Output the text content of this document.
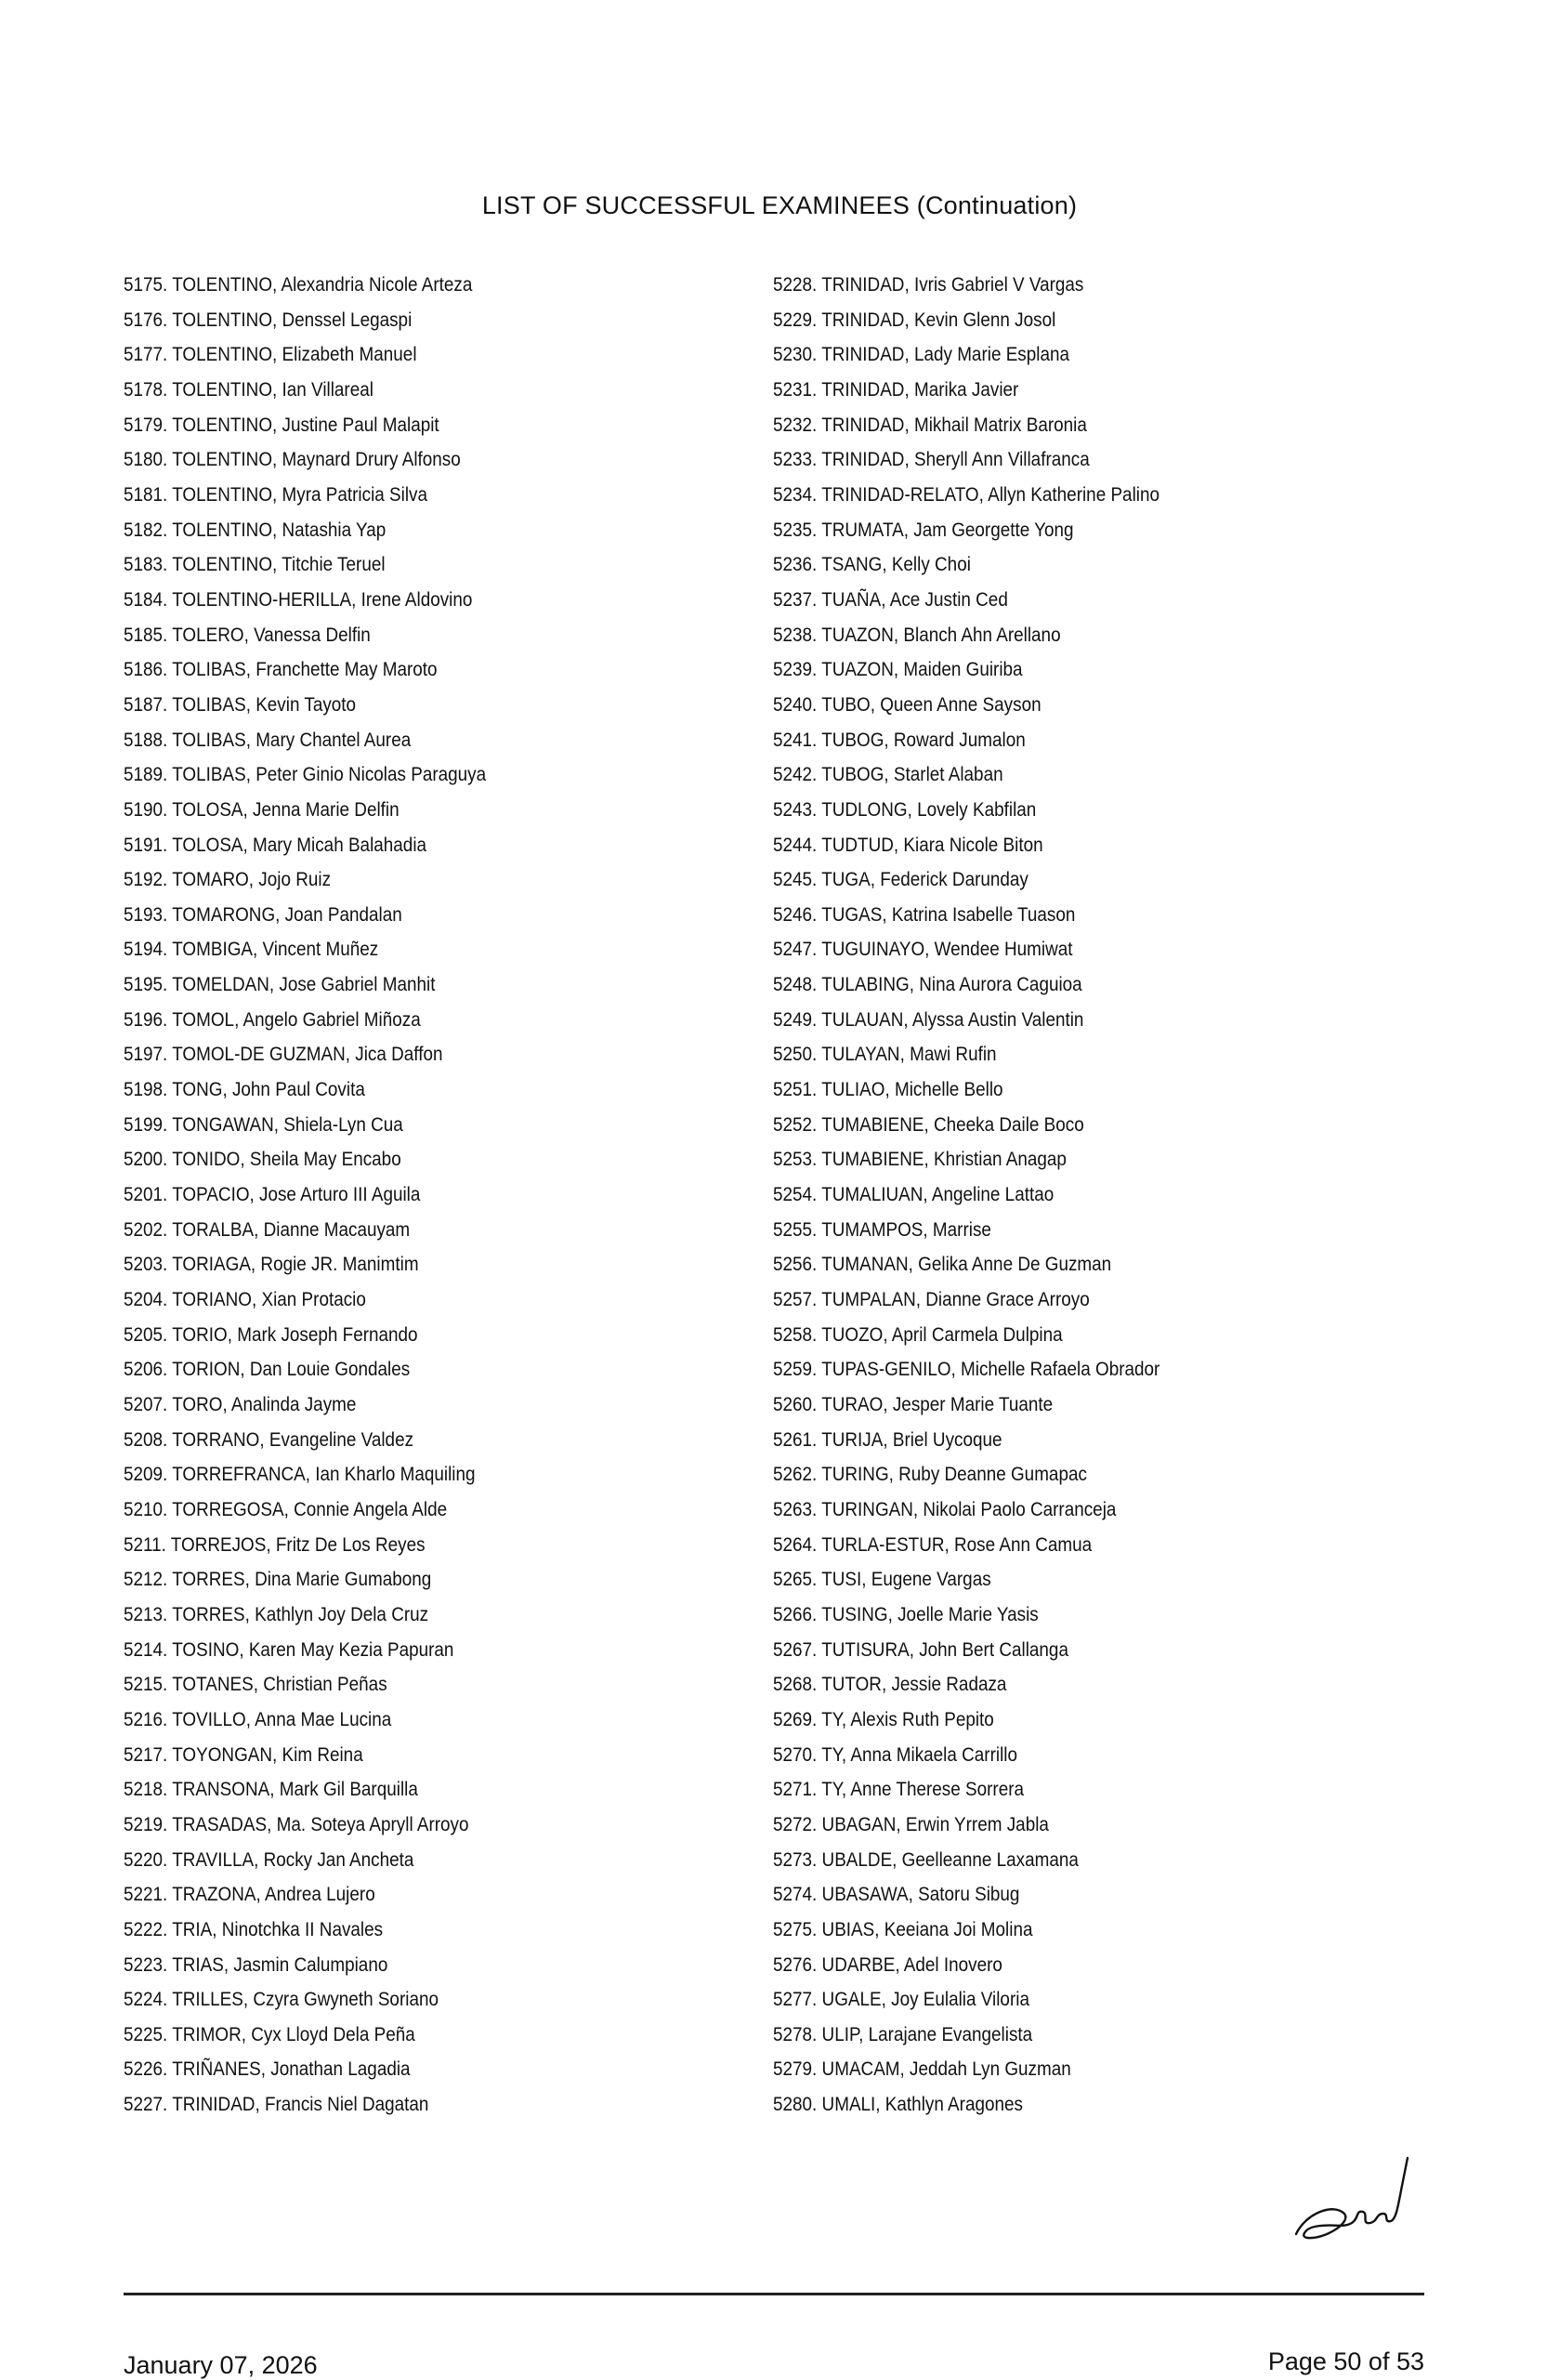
LIST OF SUCCESSFUL EXAMINEES (Continuation)
5175. TOLENTINO, Alexandria Nicole Arteza
5176. TOLENTINO, Denssel Legaspi
5177. TOLENTINO, Elizabeth Manuel
5178. TOLENTINO, Ian Villareal
5179. TOLENTINO, Justine Paul Malapit
5180. TOLENTINO, Maynard Drury Alfonso
5181. TOLENTINO, Myra Patricia Silva
5182. TOLENTINO, Natashia Yap
5183. TOLENTINO, Titchie Teruel
5184. TOLENTINO-HERILLA, Irene Aldovino
5185. TOLERO, Vanessa Delfin
5186. TOLIBAS, Franchette May Maroto
5187. TOLIBAS, Kevin Tayoto
5188. TOLIBAS, Mary Chantel Aurea
5189. TOLIBAS, Peter Ginio Nicolas Paraguya
5190. TOLOSA, Jenna Marie Delfin
5191. TOLOSA, Mary Micah Balahadia
5192. TOMARO, Jojo Ruiz
5193. TOMARONG, Joan Pandalan
5194. TOMBIGA, Vincent Muñez
5195. TOMELDAN, Jose Gabriel Manhit
5196. TOMOL, Angelo Gabriel Miñoza
5197. TOMOL-DE GUZMAN, Jica Daffon
5198. TONG, John Paul Covita
5199. TONGAWAN, Shiela-Lyn Cua
5200. TONIDO, Sheila May Encabo
5201. TOPACIO, Jose Arturo III Aguila
5202. TORALBA, Dianne Macauyam
5203. TORIAGA, Rogie JR. Manimtim
5204. TORIANO, Xian Protacio
5205. TORIO, Mark Joseph Fernando
5206. TORION, Dan Louie Gondales
5207. TORO, Analinda Jayme
5208. TORRANO, Evangeline Valdez
5209. TORREFRANCA, Ian Kharlo Maquiling
5210. TORREGOSA, Connie Angela Alde
5211. TORREJOS, Fritz De Los Reyes
5212. TORRES, Dina Marie Gumabong
5213. TORRES, Kathlyn Joy Dela Cruz
5214. TOSINO, Karen May Kezia Papuran
5215. TOTANES, Christian Peñas
5216. TOVILLO, Anna Mae Lucina
5217. TOYONGAN, Kim Reina
5218. TRANSONA, Mark Gil Barquilla
5219. TRASADAS, Ma. Soteya Apryll Arroyo
5220. TRAVILLA, Rocky Jan Ancheta
5221. TRAZONA, Andrea Lujero
5222. TRIA, Ninotchka II Navales
5223. TRIAS, Jasmin Calumpiano
5224. TRILLES, Czyra Gwyneth Soriano
5225. TRIMOR, Cyx Lloyd Dela Peña
5226. TRIÑANES, Jonathan Lagadia
5227. TRINIDAD, Francis Niel Dagatan
5228. TRINIDAD, Ivris Gabriel V Vargas
5229. TRINIDAD, Kevin Glenn Josol
5230. TRINIDAD, Lady Marie Esplana
5231. TRINIDAD, Marika Javier
5232. TRINIDAD, Mikhail Matrix Baronia
5233. TRINIDAD, Sheryll Ann Villafranca
5234. TRINIDAD-RELATO, Allyn Katherine Palino
5235. TRUMATA, Jam Georgette Yong
5236. TSANG, Kelly Choi
5237. TUAÑA, Ace Justin Ced
5238. TUAZON, Blanch Ahn Arellano
5239. TUAZON, Maiden Guiriba
5240. TUBO, Queen Anne Sayson
5241. TUBOG, Roward Jumalon
5242. TUBOG, Starlet Alaban
5243. TUDLONG, Lovely Kabfilan
5244. TUDTUD, Kiara Nicole Biton
5245. TUGA, Federick Darunday
5246. TUGAS, Katrina Isabelle Tuason
5247. TUGUINAYO, Wendee Humiwat
5248. TULABING, Nina Aurora Caguioa
5249. TULAUAN, Alyssa Austin Valentin
5250. TULAYAN, Mawi Rufin
5251. TULIAO, Michelle Bello
5252. TUMABIENE, Cheeka Daile Boco
5253. TUMABIENE, Khristian Anagap
5254. TUMALIUAN, Angeline Lattao
5255. TUMAMPOS, Marrise
5256. TUMANAN, Gelika Anne De Guzman
5257. TUMPALAN, Dianne Grace Arroyo
5258. TUOZO, April Carmela Dulpina
5259. TUPAS-GENILO, Michelle Rafaela Obrador
5260. TURAO, Jesper Marie Tuante
5261. TURIJA, Briel Uycoque
5262. TURING, Ruby Deanne Gumapac
5263. TURINGAN, Nikolai Paolo Carranceja
5264. TURLA-ESTUR, Rose Ann Camua
5265. TUSI, Eugene Vargas
5266. TUSING, Joelle Marie Yasis
5267. TUTISURA, John Bert Callanga
5268. TUTOR, Jessie Radaza
5269. TY, Alexis Ruth Pepito
5270. TY, Anna Mikaela Carrillo
5271. TY, Anne Therese Sorrera
5272. UBAGAN, Erwin Yrrem Jabla
5273. UBALDE, Geelleanne Laxamana
5274. UBASAWA, Satoru Sibug
5275. UBIAS, Keeiana Joi Molina
5276. UDARBE, Adel Inovero
5277. UGALE, Joy Eulalia Viloria
5278. ULIP, Larajane Evangelista
5279. UMACAM, Jeddah Lyn Guzman
5280. UMALI, Kathlyn Aragones
January 07, 2026	Page 50 of 53
